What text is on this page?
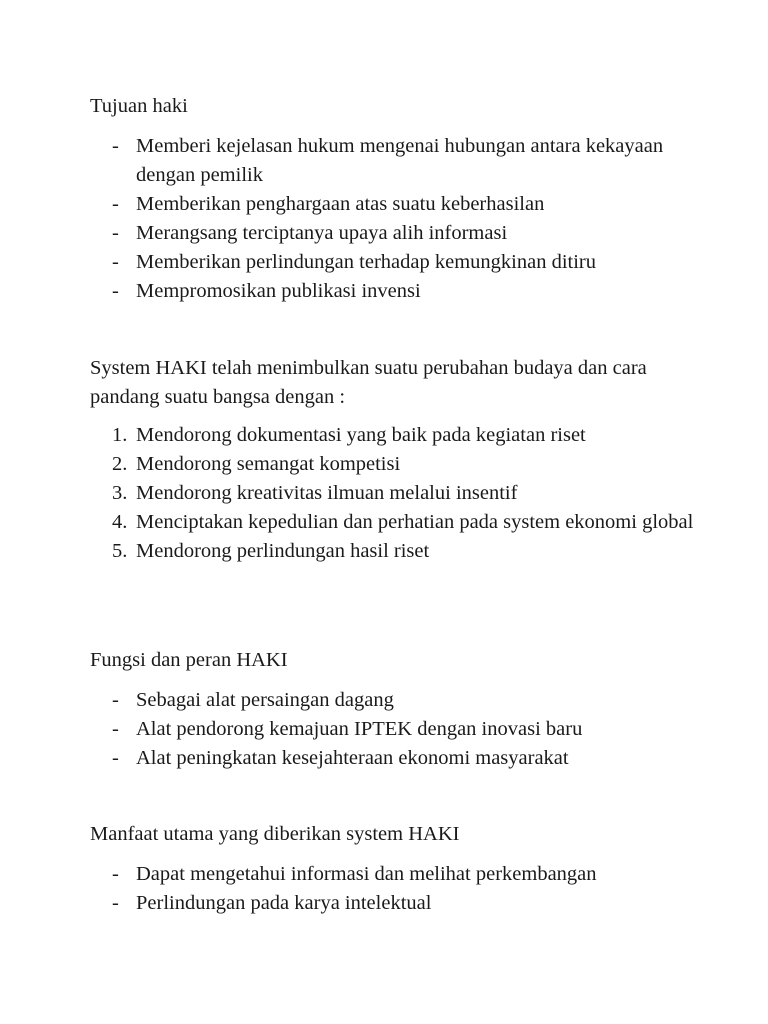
Tujuan haki

- Memberi kejelasan hukum mengenai hubungan antara kekayaan dengan pemilik
- Memberikan penghargaan atas suatu keberhasilan
- Merangsang terciptanya upaya alih informasi
- Memberikan perlindungan terhadap kemungkinan ditiru
- Mempromosikan publikasi invensi

System HAKI telah menimbulkan suatu perubahan budaya dan cara pandang suatu bangsa dengan :

1. Mendorong dokumentasi yang baik pada kegiatan riset
2. Mendorong semangat kompetisi
3. Mendorong kreativitas ilmuan melalui insentif
4. Menciptakan kepedulian dan perhatian pada system ekonomi global
5. Mendorong perlindungan hasil riset

Fungsi dan peran HAKI

- Sebagai alat persaingan dagang
- Alat pendorong kemajuan IPTEK dengan inovasi baru
- Alat peningkatan kesejahteraan ekonomi masyarakat

Manfaat utama yang diberikan system HAKI

- Dapat mengetahui informasi dan melihat perkembangan
- Perlindungan pada karya intelektual
